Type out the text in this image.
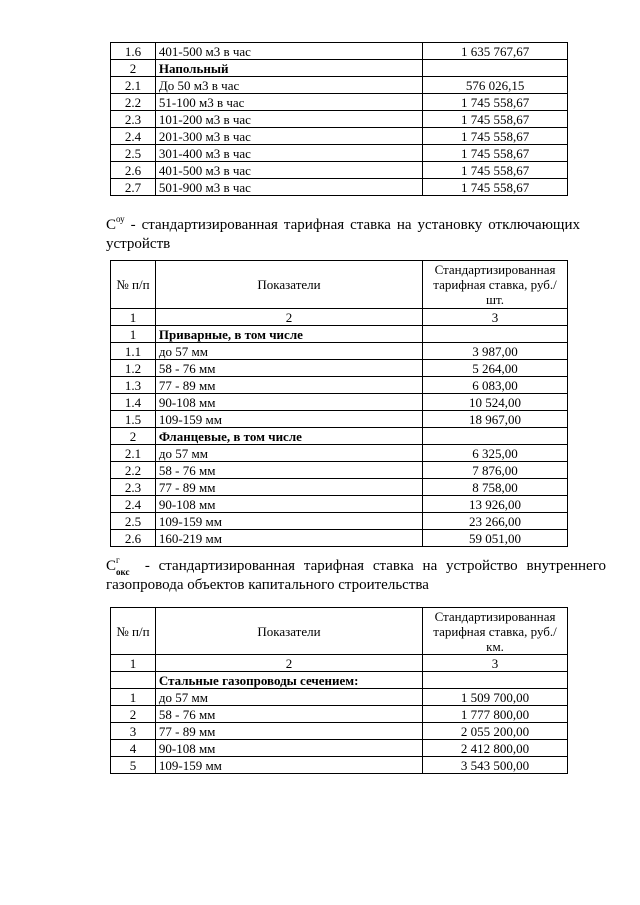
1.6	401-500 м3 в час	1 635 767,67
2	Напольный	
2.1	До 50 м3 в час	576 026,15
2.2	51-100 м3 в час	1 745 558,67
2.3	101-200 м3 в час	1 745 558,67
2.4	201-300 м3 в час	1 745 558,67
2.5	301-400 м3 в час	1 745 558,67
2.6	401-500 м3 в час	1 745 558,67
2.7	501-900 м3 в час	1 745 558,67
$C^{оу}$ - стандартизированная тарифная ставка на установку отключающих устройств
№ п/п	Показатели	Стандартизированная тарифная ставка, руб./шт.
1	2	3
1	Приварные, в том числе	
1.1	до 57 мм	3 987,00
1.2	58 - 76 мм	5 264,00
1.3	77 - 89 мм	6 083,00
1.4	90-108 мм	10 524,00
1.5	109-159 мм	18 967,00
2	Фланцевые, в том числе	
2.1	до 57 мм	6 325,00
2.2	58 - 76 мм	7 876,00
2.3	77 - 89 мм	8 758,00
2.4	90-108 мм	13 926,00
2.5	109-159 мм	23 266,00
2.6	160-219 мм	59 051,00
С г
окс - стандартизированная тарифная ставка на устройство внутреннего газопровода объектов капитального строительства
№ п/п	Показатели	Стандартизированная тарифная ставка, руб./км.
1	2	3
	Стальные газопроводы сечением:	
1	до 57 мм	1 509 700,00
2	58 - 76 мм	1 777 800,00
3	77 - 89 мм	2 055 200,00
4	90-108 мм	2 412 800,00
5	109-159 мм	3 543 500,00
